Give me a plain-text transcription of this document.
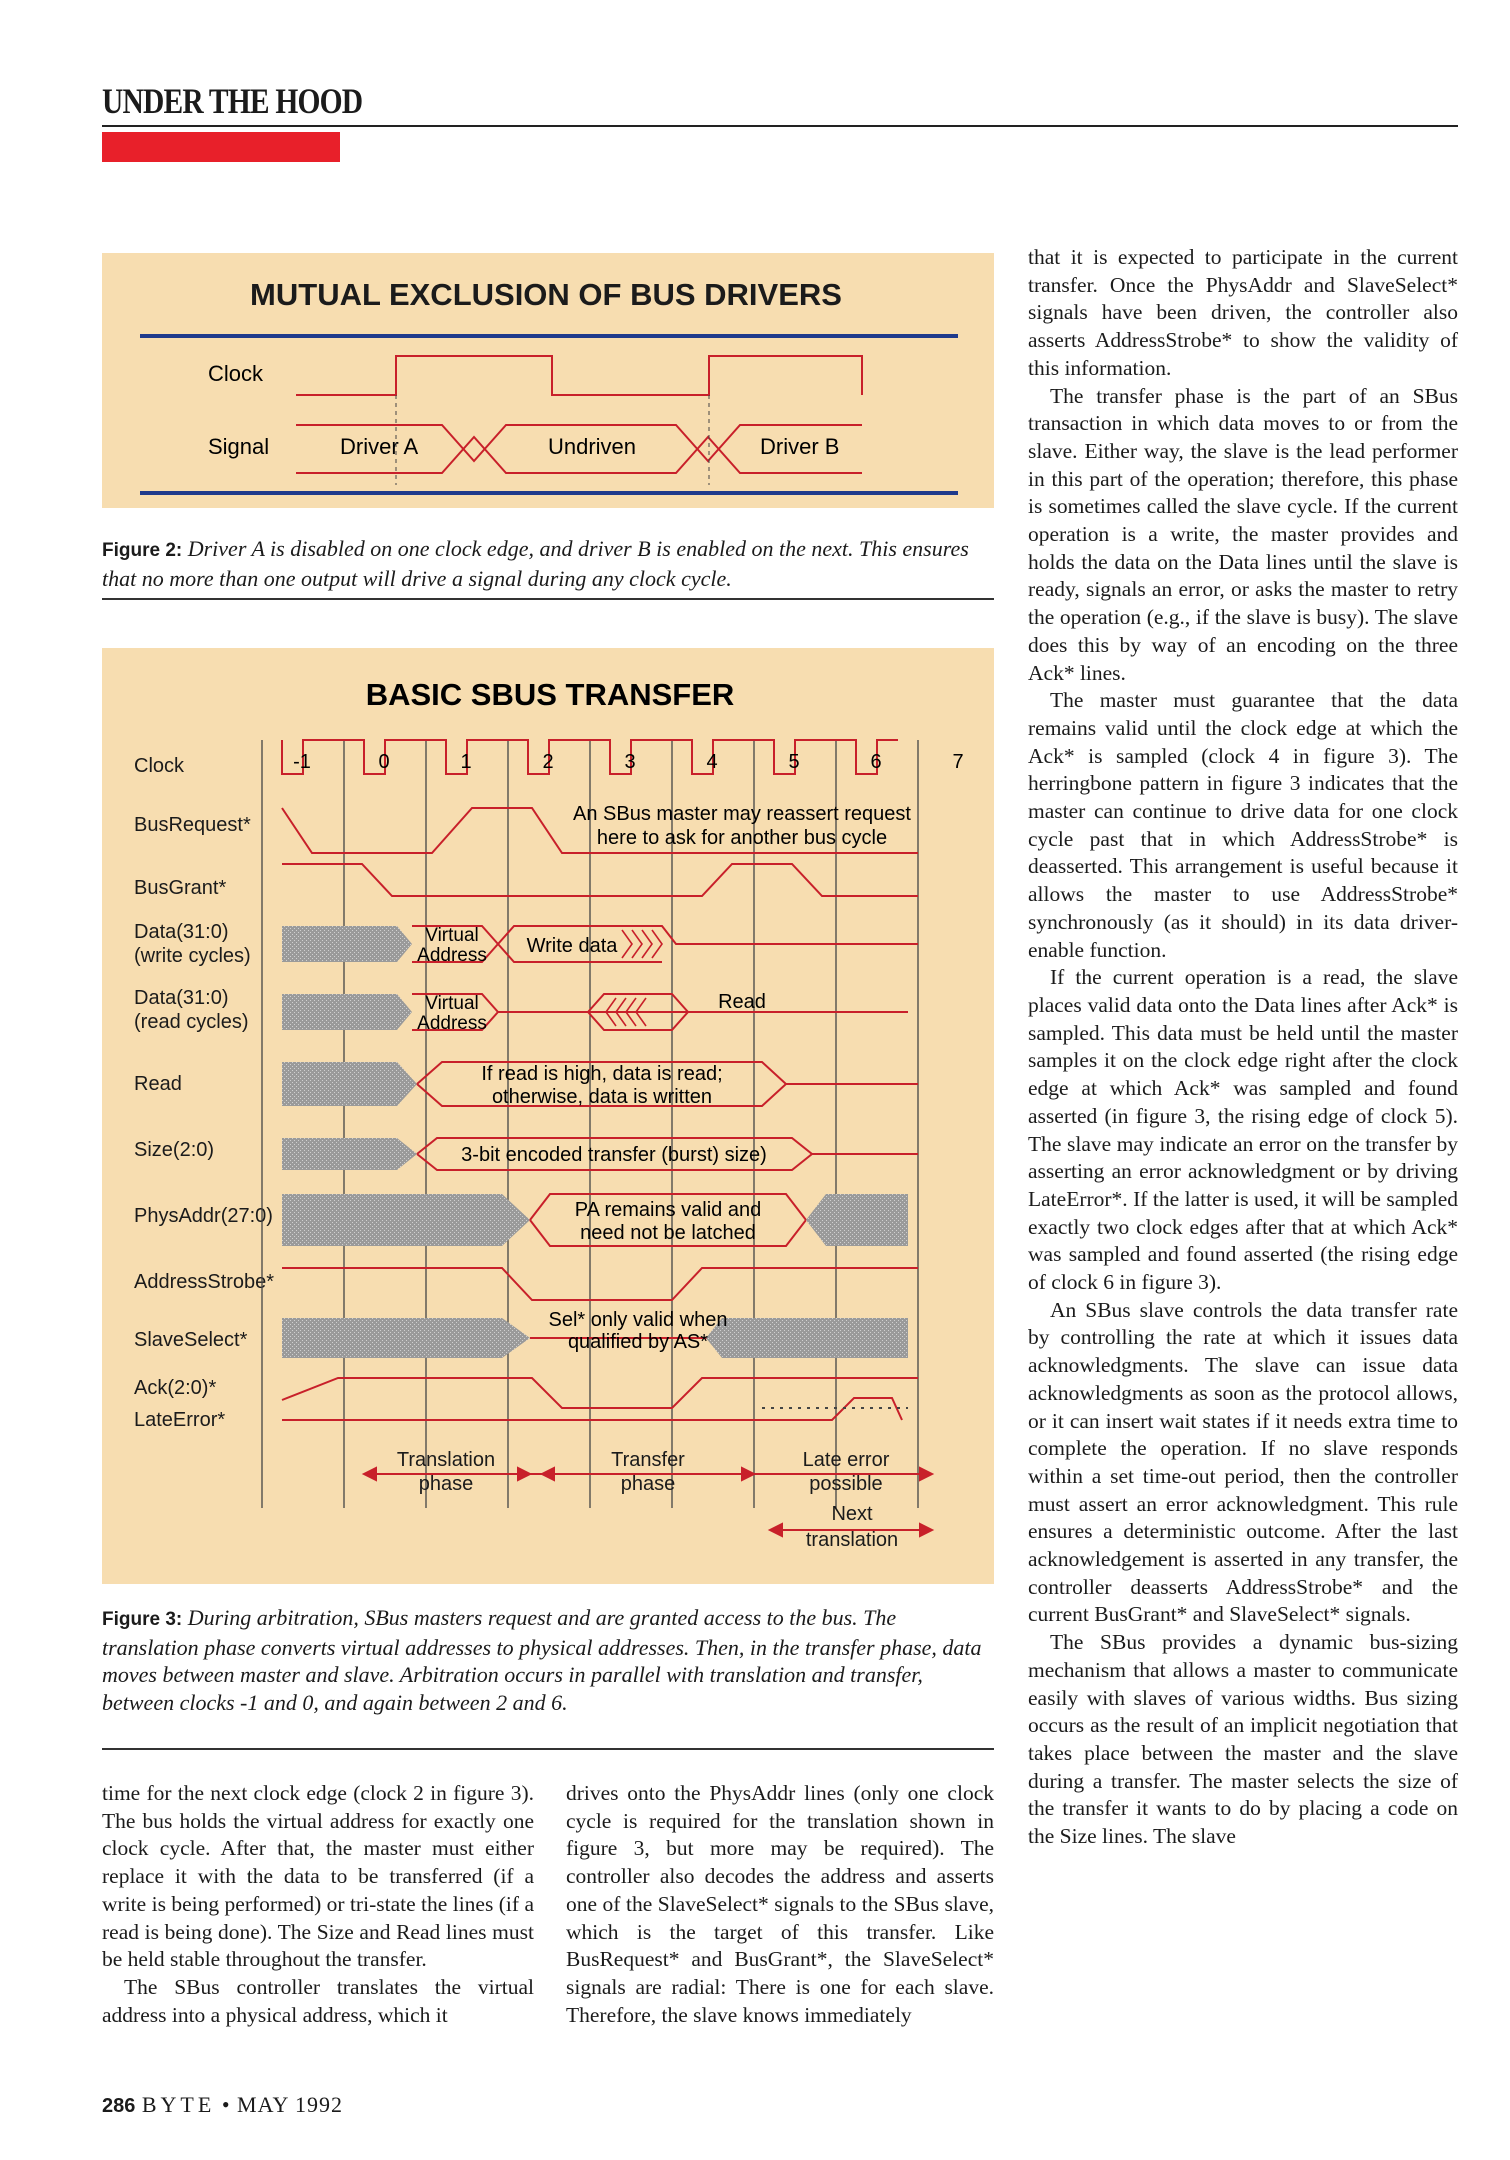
UNDER THE HOOD
MUTUAL EXCLUSION OF BUS DRIVERS
Clock
Signal	Driver A	Undriven	Driver B
Figure 2: Driver A is disabled on one clock edge, and driver B is enabled on the next. This ensures that no more than one output will drive a signal during any clock cycle.
BASIC SBUS TRANSFER
Clock
BusRequest*
BusGrant*
Data(31:0)
(write cycles)
Data(31:0)
(read cycles)
Read
Size(2:0)
PhysAddr(27:0)
AddressStrobe*
SlaveSelect*
Ack(2:0)*
LateError*
-1	0	1	2	3	4	5	6	7
An SBus master may reassert request
here to ask for another bus cycle
Virtual
Address Write data
Virtual
Address
Read
If read is high, data is read;
otherwise, data is written
3-bit encoded transfer (burst) size)
PA remains valid and
need not be latched
Sel* only valid when
qualified by AS*
Translation
phase
Transfer
phase
Late error
possible
Next
translation
Figure 3: During arbitration, SBus masters request and are granted access to the bus. The translation phase converts virtual addresses to physical addresses. Then, in the transfer phase, data moves between master and slave. Arbitration occurs in parallel with translation and transfer, between clocks -1 and 0, and again between 2 and 6.

time for the next clock edge (clock 2 in figure 3). The bus holds the virtual address for exactly one clock cycle. After that, the master must either replace it with the data to be transferred (if a write is being performed) or tri-state the lines (if a read is being done). The Size and Read lines must be held stable throughout the transfer.

The SBus controller translates the virtual address into a physical address, which it

drives onto the PhysAddr lines (only one clock cycle is required for the translation shown in figure 3, but more may be required). The controller also decodes the address and asserts one of the SlaveSelect* signals to the SBus slave, which is the target of this transfer. Like BusRequest* and BusGrant*, the SlaveSelect* signals are radial: There is one for each slave. Therefore, the slave knows immediately

that it is expected to participate in the current transfer. Once the PhysAddr and SlaveSelect* signals have been driven, the controller also asserts AddressStrobe* to show the validity of this information.

The transfer phase is the part of an SBus transaction in which data moves to or from the slave. Either way, the slave is the lead performer in this part of the operation; therefore, this phase is sometimes called the slave cycle. If the current operation is a write, the master provides and holds the data on the Data lines until the slave is ready, signals an error, or asks the master to retry the operation (e.g., if the slave is busy). The slave does this by way of an encoding on the three Ack* lines.

The master must guarantee that the data remains valid until the clock edge at which the Ack* is sampled (clock 4 in figure 3). The herringbone pattern in figure 3 indicates that the master can continue to drive data for one clock cycle past that in which AddressStrobe* is deasserted. This arrangement is useful because it allows the master to use AddressStrobe* synchronously (as it should) in its data driver-enable function.

If the current operation is a read, the slave places valid data onto the Data lines after Ack* is sampled. This data must be held until the master samples it on the clock edge right after the clock edge at which Ack* was sampled and found asserted (in figure 3, the rising edge of clock 5). The slave may indicate an error on the transfer by asserting an error acknowledgment or by driving LateError*. If the latter is used, it will be sampled exactly two clock edges after that at which Ack* was sampled and found asserted (the rising edge of clock 6 in figure 3).

An SBus slave controls the data transfer rate by controlling the rate at which it issues data acknowledgments. The slave can issue data acknowledgments as soon as the protocol allows, or it can insert wait states if it needs extra time to complete the operation. If no slave responds within a set time-out period, then the controller must assert an error acknowledgment. This rule ensures a deterministic outcome. After the last acknowledgement is asserted in any transfer, the controller deasserts AddressStrobe* and the current BusGrant* and SlaveSelect* signals.

The SBus provides a dynamic bus-sizing mechanism that allows a master to communicate easily with slaves of various widths. Bus sizing occurs as the result of an implicit negotiation that takes place between the master and the slave during a transfer. The master selects the size of the transfer it wants to do by placing a code on the Size lines. The slave

286 BYTE • MAY 1992
